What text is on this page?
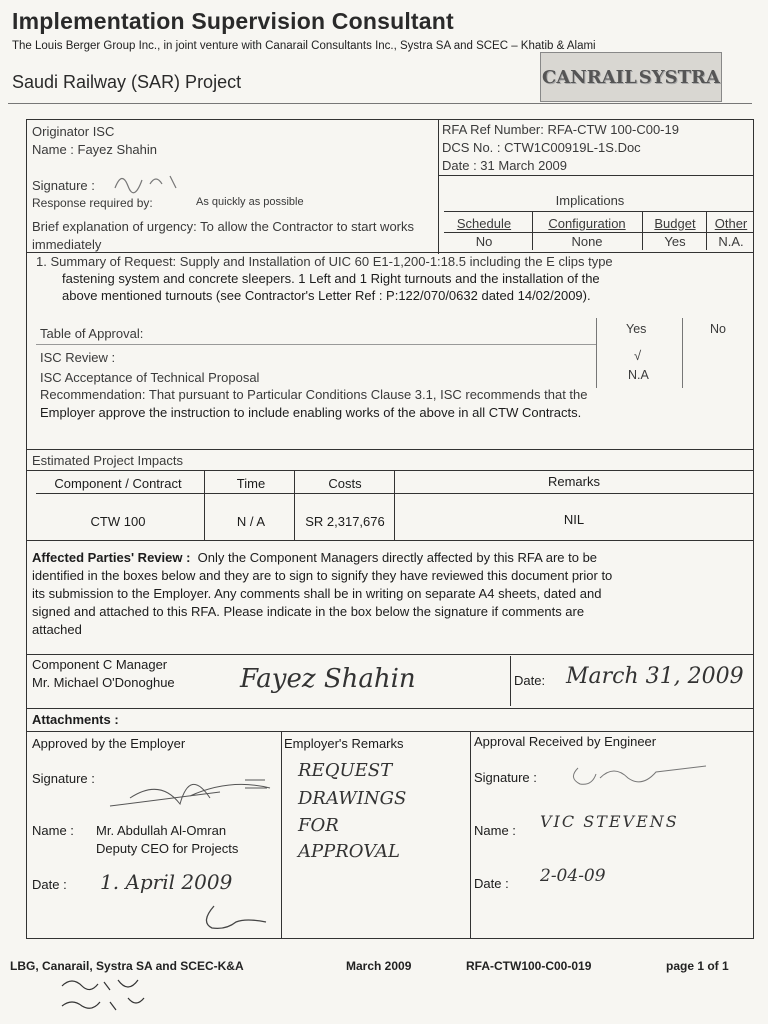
Implementation Supervision Consultant
The Louis Berger Group Inc., in joint venture with Canarail Consultants Inc., Systra SA and SCEC – Khatib & Alami
Saudi Railway (SAR) Project	CANRAIL SYSTRA
Originator ISC
Name : Fayez Shahin
Signature :
Response required by:	As quickly as possible
Brief explanation of urgency: To allow the Contractor to start works immediately
RFA Ref Number: RFA-CTW 100-C00-19
DCS No. : CTW1C00919L-1S.Doc
Date : 31 March 2009
Implications
Schedule	Configuration	Budget	Other
No	None	Yes	N.A.
1. Summary of Request: Supply and Installation of UIC 60 E1-1,200-1:18.5 including the E clips type
fastening system and concrete sleepers. 1 Left and 1 Right turnouts and the installation of the
above mentioned turnouts (see Contractor's Letter Ref : P:122/070/0632 dated 14/02/2009).
Table of Approval:	Yes	No
ISC Review :	√
ISC Acceptance of Technical Proposal	N.A
Recommendation: That pursuant to Particular Conditions Clause 3.1, ISC recommends that the
Employer approve the instruction to include enabling works of the above in all CTW Contracts.
Estimated Project Impacts
Component / Contract	Time	Costs	Remarks
CTW 100	N / A	SR 2,317,676	NIL
Affected Parties' Review : Only the Component Managers directly affected by this RFA are to be
identified in the boxes below and they are to sign to signify they have reviewed this document prior to
its submission to the Employer. Any comments shall be in writing on separate A4 sheets, dated and
signed and attached to this RFA. Please indicate in the box below the signature if comments are
attached
Component C Manager
Mr. Michael O'Donoghue	Fayez Shahin	Date: March 31, 2009
Attachments :
Approved by the Employer
Signature :
Name : Mr. Abdullah Al-Omran
Deputy CEO for Projects
Date : 1. April 2009
Employer's Remarks
REQUEST
DRAWINGS
FOR
APPROVAL
Approval Received by Engineer
Signature :
Name : VIC STEVENS
Date : 2-04-09
LBG, Canarail, Systra SA and SCEC-K&A	March 2009	RFA-CTW100-C00-019	page 1 of 1
